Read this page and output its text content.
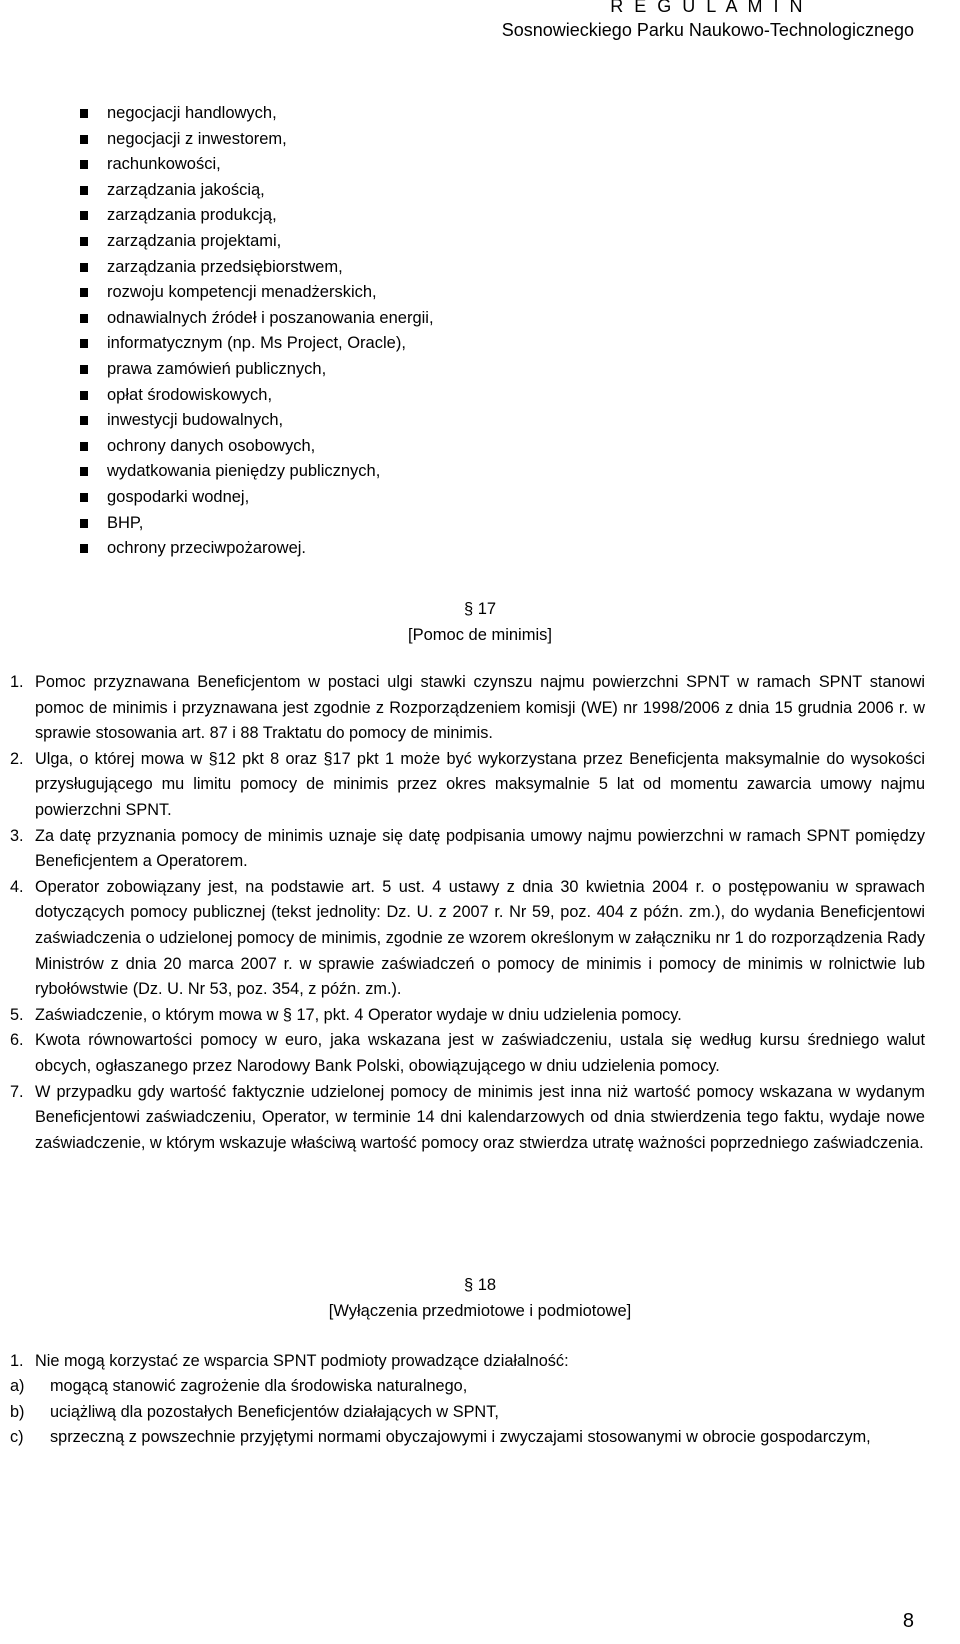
R E G U L A M I N
Sosnowieckiego Parku Naukowo-Technologicznego
negocjacji handlowych,
negocjacji z inwestorem,
rachunkowości,
zarządzania jakością,
zarządzania produkcją,
zarządzania projektami,
zarządzania przedsiębiorstwem,
rozwoju kompetencji menadżerskich,
odnawialnych źródeł i poszanowania energii,
informatycznym (np. Ms Project, Oracle),
prawa zamówień publicznych,
opłat środowiskowych,
inwestycji budowalnych,
ochrony danych osobowych,
wydatkowania pieniędzy publicznych,
gospodarki wodnej,
BHP,
ochrony przeciwpożarowej.
§ 17
[Pomoc de minimis]
1. Pomoc przyznawana Beneficjentom w postaci ulgi stawki czynszu najmu powierzchni SPNT w ramach SPNT stanowi pomoc de minimis i przyznawana jest zgodnie z Rozporządzeniem komisji (WE) nr 1998/2006 z dnia 15 grudnia 2006 r. w sprawie stosowania art. 87 i 88 Traktatu do pomocy de minimis.
2. Ulga, o której mowa w §12 pkt 8 oraz §17 pkt 1 może być wykorzystana przez Beneficjenta maksymalnie do wysokości przysługującego mu limitu pomocy de minimis przez okres maksymalnie 5 lat od momentu zawarcia umowy najmu powierzchni SPNT.
3. Za datę przyznania pomocy de minimis uznaje się datę podpisania umowy najmu powierzchni w ramach SPNT pomiędzy Beneficjentem a Operatorem.
4. Operator zobowiązany jest, na podstawie art. 5 ust. 4 ustawy z dnia 30 kwietnia 2004 r. o postępowaniu w sprawach dotyczących pomocy publicznej (tekst jednolity: Dz. U. z 2007 r. Nr 59, poz. 404 z późn. zm.), do wydania Beneficjentowi zaświadczenia o udzielonej pomocy de minimis, zgodnie ze wzorem określonym w załączniku nr 1 do rozporządzenia Rady Ministrów z dnia 20 marca 2007 r. w sprawie zaświadczeń o pomocy de minimis i pomocy de minimis w rolnictwie lub rybołówstwie (Dz. U. Nr 53, poz. 354, z późn. zm.).
5. Zaświadczenie, o którym mowa w § 17, pkt. 4 Operator wydaje w dniu udzielenia pomocy.
6. Kwota równowartości pomocy w euro, jaka wskazana jest w zaświadczeniu, ustala się według kursu średniego walut obcych, ogłaszanego przez Narodowy Bank Polski, obowiązującego w dniu udzielenia pomocy.
7. W przypadku gdy wartość faktycznie udzielonej pomocy de minimis jest inna niż wartość pomocy wskazana w wydanym Beneficjentowi zaświadczeniu, Operator, w terminie 14 dni kalendarzowych od dnia stwierdzenia tego faktu, wydaje nowe zaświadczenie, w którym wskazuje właściwą wartość pomocy oraz stwierdza utratę ważności poprzedniego zaświadczenia.
§ 18
[Wyłączenia przedmiotowe i podmiotowe]
1. Nie mogą korzystać ze wsparcia SPNT podmioty prowadzące działalność:
a) mogącą stanowić zagrożenie dla środowiska naturalnego,
b) uciążliwą dla pozostałych Beneficjentów działających w SPNT,
c) sprzeczną z powszechnie przyjętymi normami obyczajowymi i zwyczajami stosowanymi w obrocie gospodarczym,
8
